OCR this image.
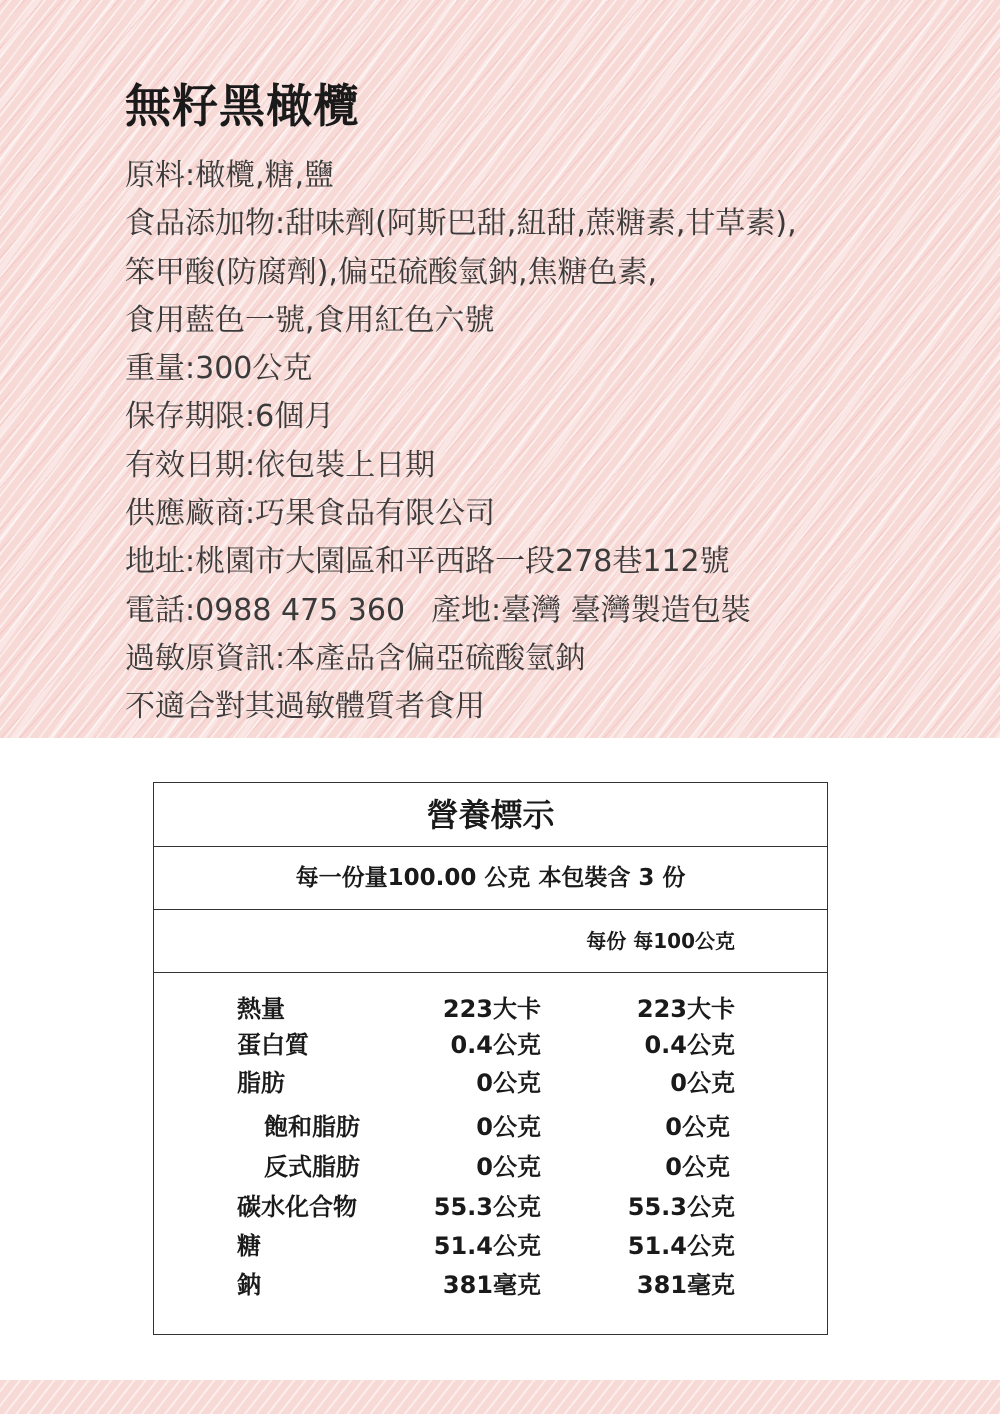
無籽黑橄欖
原料:橄欖,糖,鹽
食品添加物:甜味劑(阿斯巴甜,紐甜,蔗糖素,甘草素),
笨甲酸(防腐劑),偏亞硫酸氫鈉,焦糖色素,
食用藍色一號,食用紅色六號
重量:300公克
保存期限:6個月
有效日期:依包裝上日期
供應廠商:巧果食品有限公司
地址:桃園市大園區和平西路一段278巷112號
電話:0988 475 360 產地:臺灣 臺灣製造包裝
過敏原資訊:本產品含偏亞硫酸氫鈉
不適合對其過敏體質者食用
營養標示
每一份量100.00 公克 本包裝含 3 份
每份 每100公克
熱量	223大卡	223大卡
蛋白質	0.4公克	0.4公克
脂肪	0公克	0公克
飽和脂肪	0公克	0公克
反式脂肪	0公克	0公克
碳水化合物	55.3公克	55.3公克
糖	51.4公克	51.4公克
鈉	381毫克	381毫克
